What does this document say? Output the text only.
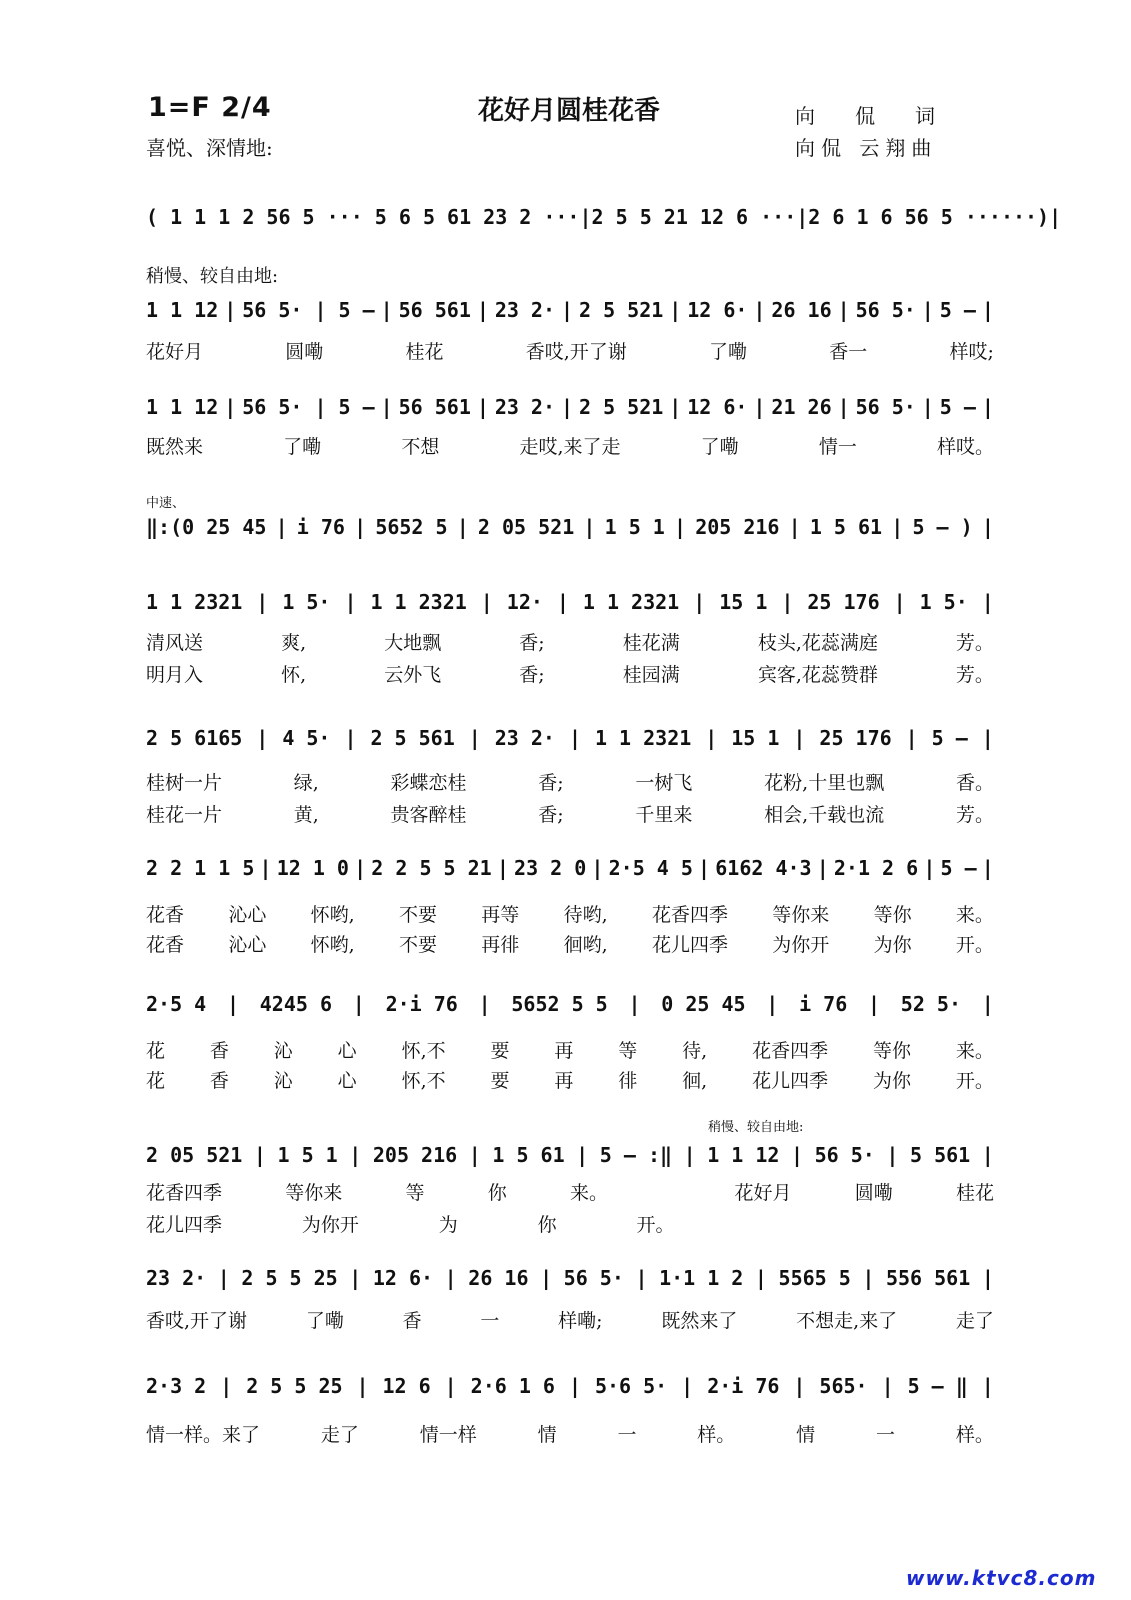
1=F 2/4
喜悦、深情地:
花好月圆桂花香	向侃词
向侃 云翔曲
稍慢、较自由地:
中速、
稍慢、较自由地:
( 1 1 1 2 56 5 ··· 5 6 5 61 23 2 ··· | 2 5 5 21 12 6 ··· | 2 6 1 6 56 5 ······) |
1 1 12 | 56 5· | 5 – | 56 561 | 23 2· | 2 5 521 | 12 6· | 26 16 | 56 5· | 5 – |
花好月	圆嘞	桂花	香哎,开了谢	了嘞	香一	样哎;
1 1 12 | 56 5· | 5 – | 56 561 | 23 2· | 2 5 521 | 12 6· | 21 26 | 56 5· | 5 – |
既然来	了嘞	不想	走哎,来了走	了嘞	情一	样哎。
‖:(0 25 45 | i 76 | 5652 5 | 2 05 521 | 1 5 1 | 205 216 | 1 5 61 | 5 – ) |
1 1 2321 | 1 5· | 1 1 2321 | 12· | 1 1 2321 | 15 1 | 25 176 | 1 5· |
清风送	爽,	大地飘	香;	桂花满	枝头,花蕊满庭	芳。
明月入	怀,	云外飞	香;	桂园满	宾客,花蕊赞群	芳。
2 5 6165 | 4 5· | 2 5 561 | 23 2· | 1 1 2321 | 15 1 | 25 176 | 5 – |
桂树一片	绿,	彩蝶恋桂	香;	一树飞	花粉,十里也飘	香。
桂花一片	黄,	贵客醉桂	香;	千里来	相会,千载也流	芳。
2 2 1 1 5 | 12 1 0 | 2 2 5 5 21 | 23 2 0 | 2·5 4 5 | 6162 4·3 | 2·1 2 6 | 5 – |
花香 沁心 怀哟, 不要 再等 待哟, 花香四季 等你来 等你 来。
花香 沁心 怀哟, 不要 再徘 徊哟, 花儿四季 为你开 为你 开。
2·5 4 | 4245 6 | 2·i 76 | 5652 5 5 | 0 25 45 | i 76 | 52 5· |
花 香 沁 心 怀,不 要 再 等 待, 花香四季 等你 来。
花 香 沁 心 怀,不 要 再 徘 徊, 花儿四季 为你 开。
2 05 521 | 1 5 1 | 205 216 | 1 5 61 | 5 – :‖ | 1 1 12 | 56 5· | 5 561 |
花香四季	等你来	等	你	来。	花好月	圆嘞	桂花
花儿四季	为你开	为	你	开。
23 2· | 2 5 5 25 | 12 6· | 26 16 | 56 5· | 1·1 1 2 | 5565 5 | 556 561 |
香哎,开了谢	了嘞	香	一	样嘞;	既然来了	不想走,来了	走了
2·3 2 | 2 5 5 25 | 12 6 | 2·6 1 6 | 5·6 5· | 2·i 76 | 565· | 5 – ‖ |
情一样。来了	走了	情一样	情	一	样。	情	一	样。
www.ktvc8.com
